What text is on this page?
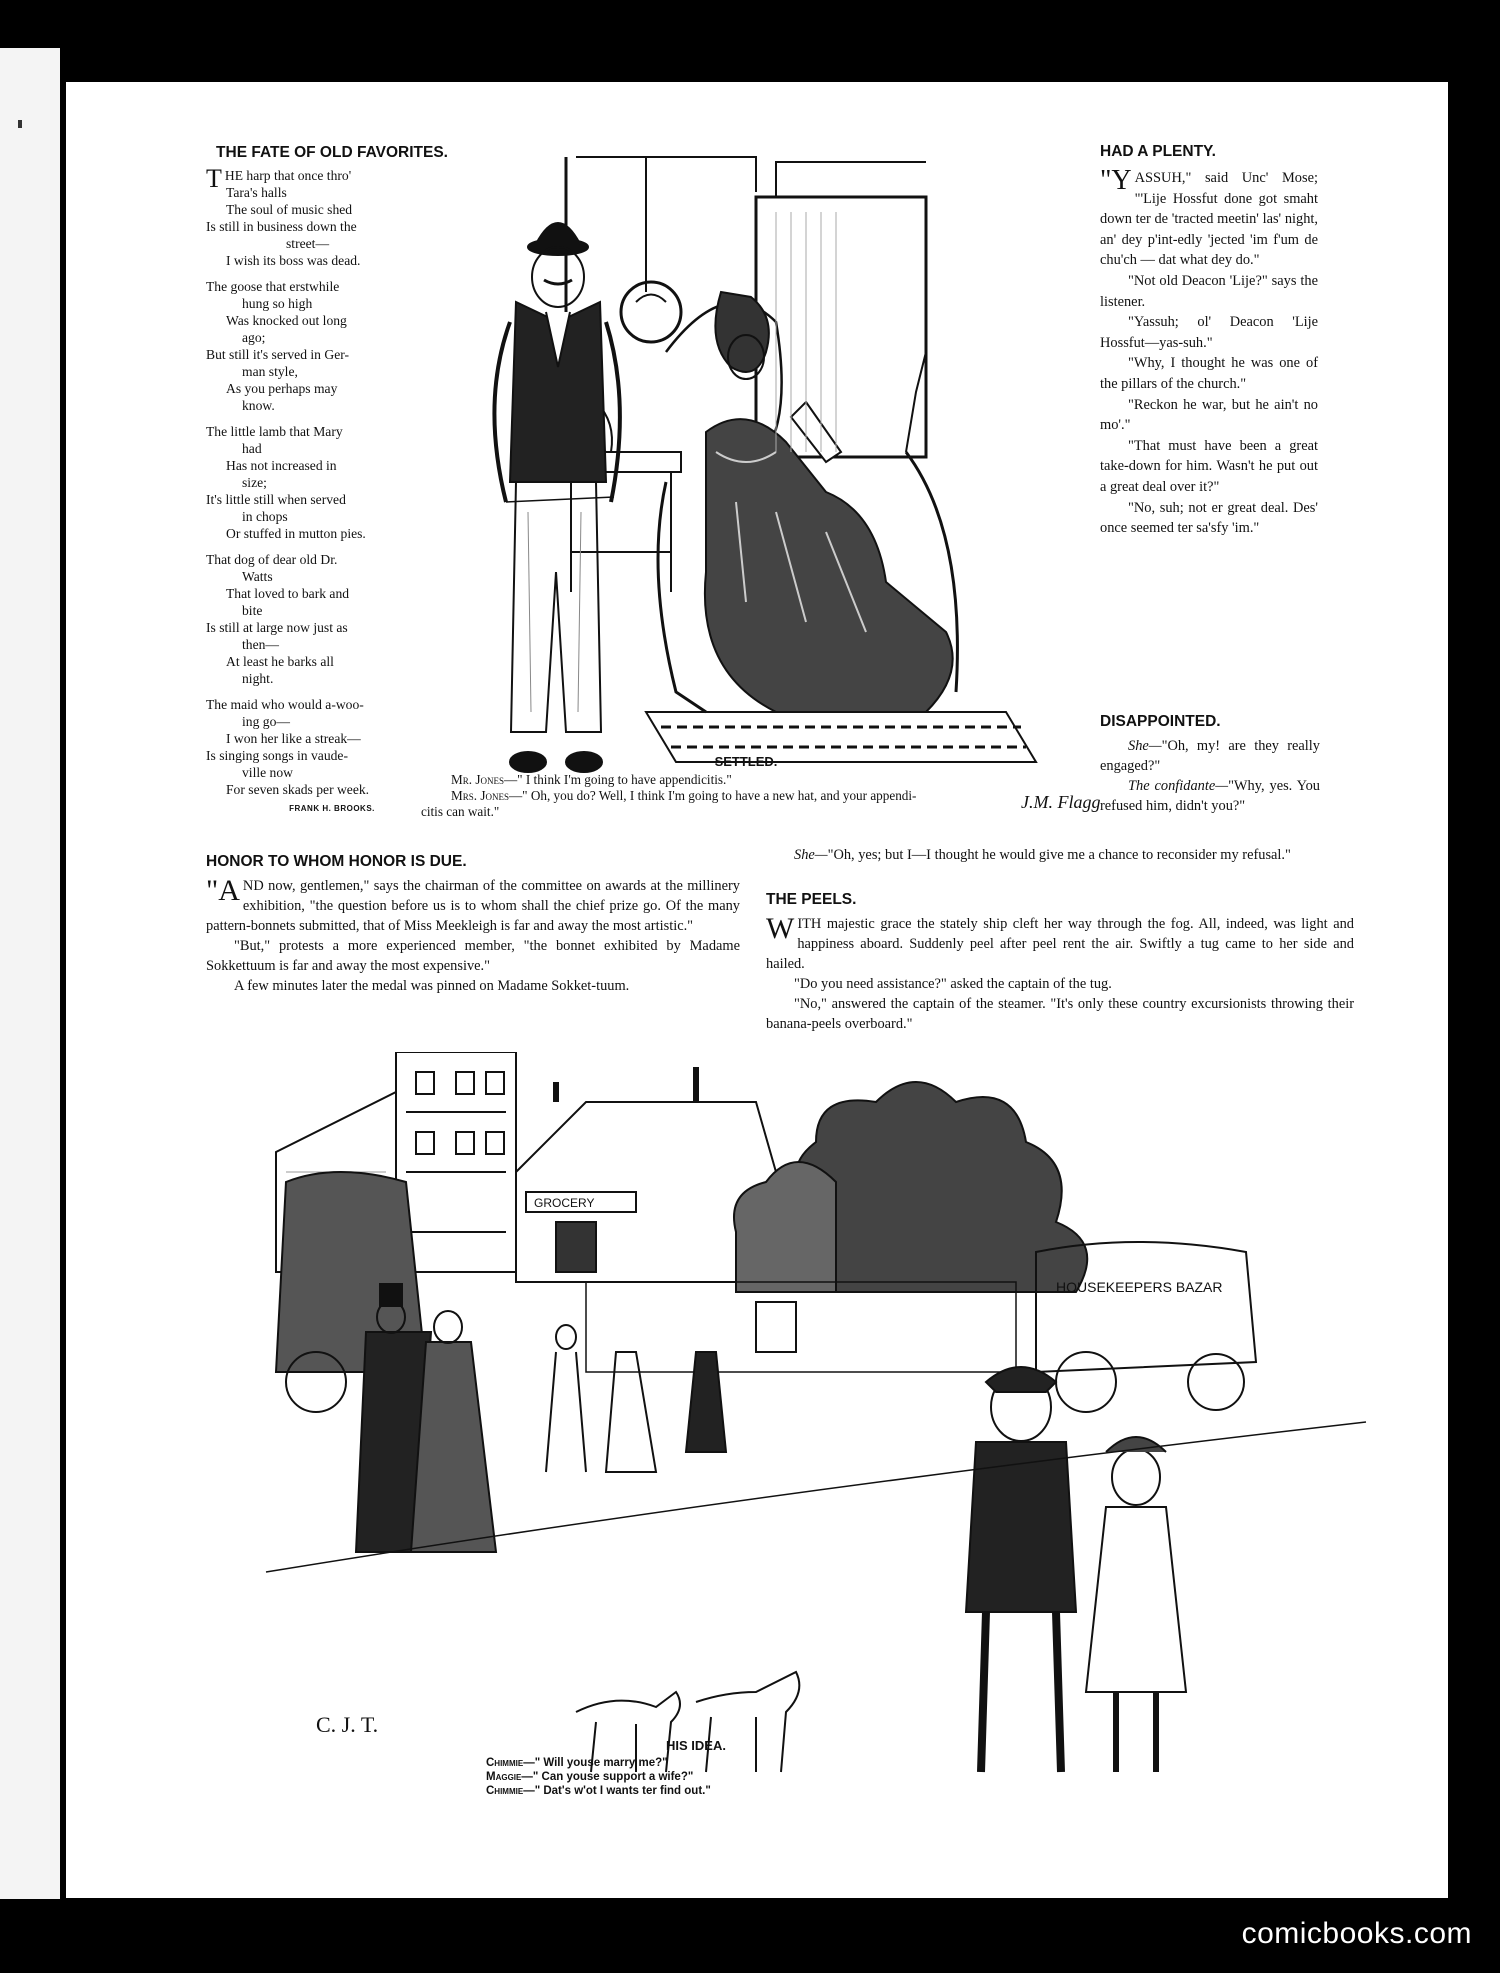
THE FATE OF OLD FAVORITES.

THE harp that once thro'

Tara's halls

The soul of music shed

Is still in business down the

street—

I wish its boss was dead.

The goose that erstwhile

hung so high

Was knocked out long

ago;

But still it's served in Ger-

man style,

As you perhaps may

know.

The little lamb that Mary

had

Has not increased in

size;

It's little still when served

in chops

Or stuffed in mutton pies.

That dog of dear old Dr.

Watts

That loved to bark and

bite

Is still at large now just as

then—

At least he barks all

night.

The maid who would a-woo-

ing go—

I won her like a streak—

Is singing songs in vaude-

ville now

For seven skads per week.

FRANK H. BROOKS.	J.M. Flagg

SETTLED.

Mr. Jones—" I think I'm going to have appendicitis."

Mrs. Jones—" Oh, you do? Well, I think I'm going to have a new hat, and your appendi-

citis can wait."

HAD A PLENTY.

"YASSUH," said Unc' Mose; "'Lije Hossfut done got smaht down ter de 'tracted meetin' las' night, an' dey p'int-edly 'jected 'im f'um de chu'ch — dat what dey do."

"Not old Deacon 'Lije?" says the listener.

"Yassuh; ol' Deacon 'Lije Hossfut—yas-suh."

"Why, I thought he was one of the pillars of the church."

"Reckon he war, but he ain't no mo'."

"That must have been a great take-down for him. Wasn't he put out a great deal over it?"

"No, suh; not er great deal. Des' once seemed ter sa'sfy 'im."

DISAPPOINTED.

She—"Oh, my! are they really engaged?"

The confidante—"Why, yes. You refused him, didn't you?"

She—"Oh, yes; but I—I thought he would give me a chance to reconsider my refusal."

HONOR TO WHOM HONOR IS DUE.

"AND now, gentlemen," says the chairman of the committee on awards at the millinery exhibition, "the question before us is to whom shall the chief prize go. Of the many pattern-bonnets submitted, that of Miss Meekleigh is far and away the most artistic."

"But," protests a more experienced member, "the bonnet exhibited by Madame Sokkettuum is far and away the most expensive."

A few minutes later the medal was pinned on Madame Sokket-tuum.

THE PEELS.

WITH majestic grace the stately ship cleft her way through the fog. All, indeed, was light and happiness aboard. Suddenly peel after peel rent the air. Swiftly a tug came to her side and hailed.

"Do you need assistance?" asked the captain of the tug.

"No," answered the captain of the steamer. "It's only these country excursionists throwing their banana-peels overboard."

GROCERY
HOUSEKEEPERS BAZAR
C. J. T.

HIS IDEA.

Chimmie—" Will youse marry me?"

Maggie—" Can youse support a wife?"

Chimmie—" Dat's w'ot I wants ter find out."

comicbooks.com
